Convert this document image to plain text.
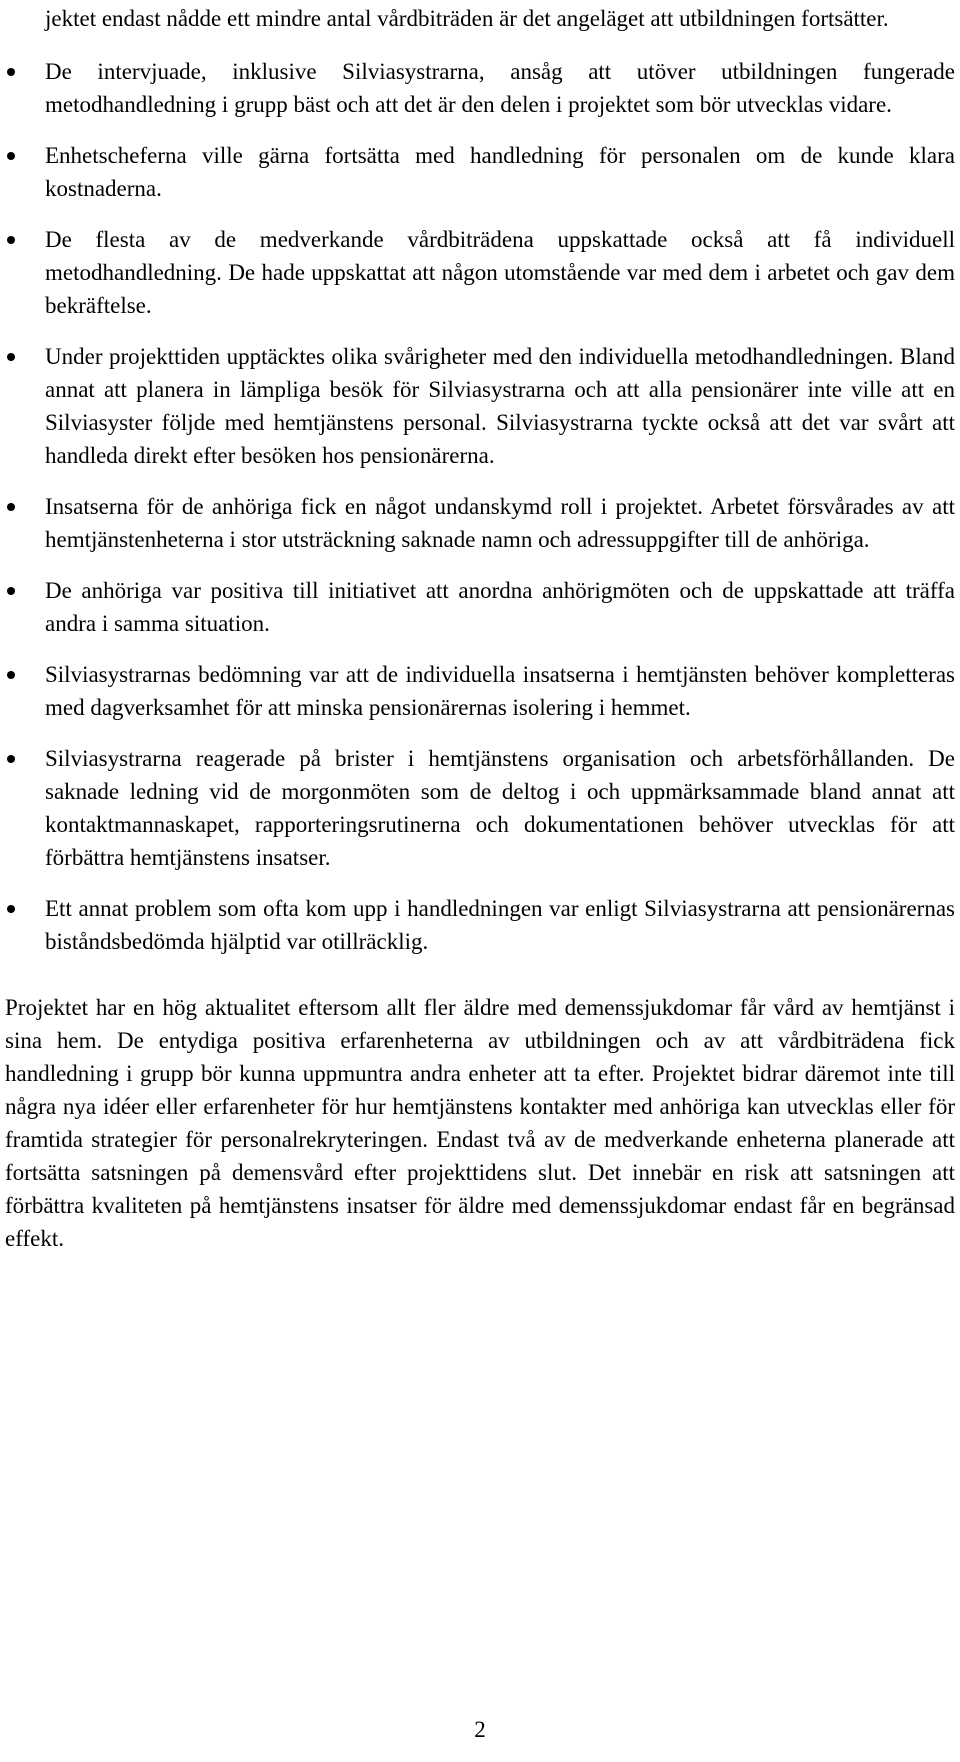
jektet endast nådde ett mindre antal vårdbiträden är det angeläget att utbildningen fortsätter.
De intervjuade, inklusive Silviasystrarna, ansåg att utöver utbildningen fungerade metodhandledning i grupp bäst och att det är den delen i projektet som bör utvecklas vidare.
Enhetscheferna ville gärna fortsätta med handledning för personalen om de kunde klara kostnaderna.
De flesta av de medverkande vårdbiträdena uppskattade också att få individuell metodhandledning. De hade uppskattat att någon utomstående var med dem i arbetet och gav dem bekräftelse.
Under projekttiden upptäcktes olika svårigheter med den individuella metodhandledningen. Bland annat att planera in lämpliga besök för Silviasystrarna och att alla pensionärer inte ville att en Silviasyster följde med hemtjänstens personal. Silviasystrarna tyckte också att det var svårt att handleda direkt efter besöken hos pensionärerna.
Insatserna för de anhöriga fick en något undanskymd roll i projektet. Arbetet försvårades av att hemtjänstenheterna i stor utsträckning saknade namn och adressuppgifter till de anhöriga.
De anhöriga var positiva till initiativet att anordna anhörigmöten och de uppskattade att träffa andra i samma situation.
Silviasystrarnas bedömning var att de individuella insatserna i hemtjänsten behöver kompletteras med dagverksamhet för att minska pensionärernas isolering i hemmet.
Silviasystrarna reagerade på brister i hemtjänstens organisation och arbetsförhållanden. De saknade ledning vid de morgonmöten som de deltog i och uppmärksammade bland annat att kontaktmannaskapet, rapporteringsrutinerna och dokumentationen behöver utvecklas för att förbättra hemtjänstens insatser.
Ett annat problem som ofta kom upp i handledningen var enligt Silviasystrarna att pensionärernas biståndsbedömda hjälptid var otillräcklig.

Projektet har en hög aktualitet eftersom allt fler äldre med demenssjukdomar får vård av hemtjänst i sina hem. De entydiga positiva erfarenheterna av utbildningen och av att vårdbiträdena fick handledning i grupp bör kunna uppmuntra andra enheter att ta efter. Projektet bidrar däremot inte till några nya idéer eller erfarenheter för hur hemtjänstens kontakter med anhöriga kan utvecklas eller för framtida strategier för personalrekryteringen. Endast två av de medverkande enheterna planerade att fortsätta satsningen på demensvård efter projekttidens slut. Det innebär en risk att satsningen att förbättra kvaliteten på hemtjänstens insatser för äldre med demenssjukdomar endast får en begränsad effekt.

2
